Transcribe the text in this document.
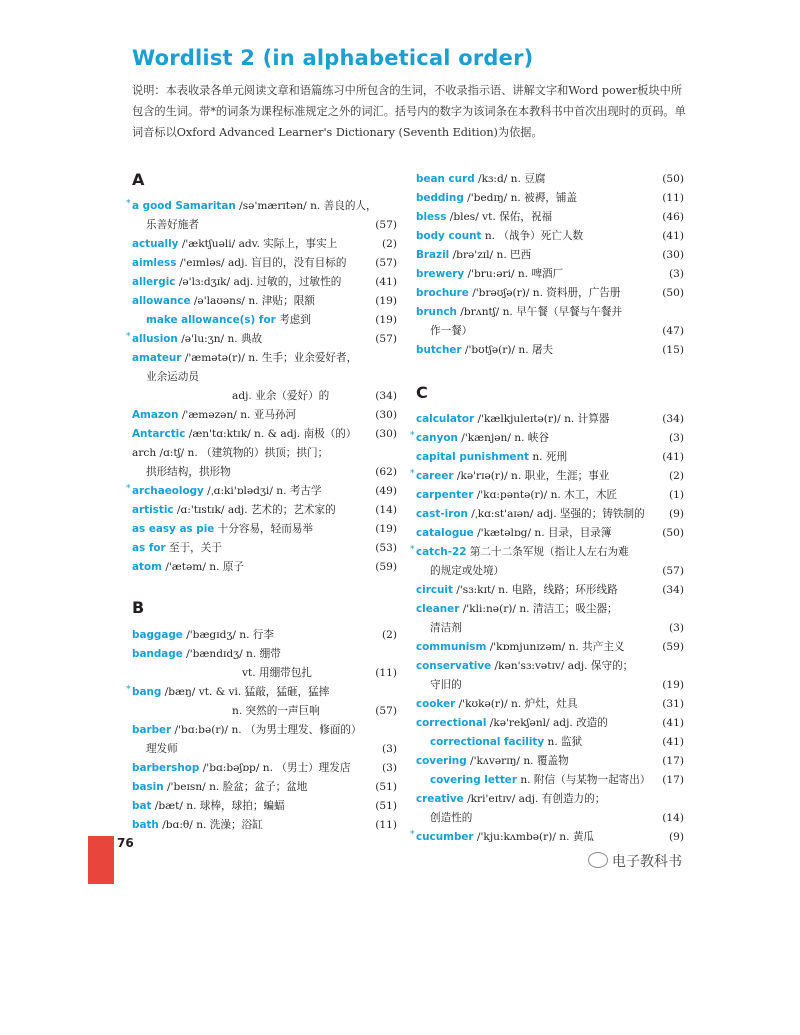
Wordlist 2 (in alphabetical order)
说明：本表收录各单元阅读文章和语篇练习中所包含的生词，不收录指示语、讲解文字和Word power板块中所包含的生词。带*的词条为课程标准规定之外的词汇。括号内的数字为该词条在本教科书中首次出现时的页码。单词音标以Oxford Advanced Learner's Dictionary (Seventh Edition)为依据。
A
B
* a good Samaritan /sə'mærɪtən/ n. 善良的人，
乐善好施者	(57)
actually /'æktʃuəli/ adv. 实际上，事实上	(2)
aimless /'eɪmləs/ adj. 盲目的，没有目标的	(57)
allergic /ə'lɜ:dʒɪk/ adj. 过敏的，过敏性的	(41)
allowance /ə'laʊəns/ n. 津贴；限额	(19)
make allowance(s) for 考虑到	(19)
* allusion /ə'lu:ʒn/ n. 典故	(57)
amateur /'æmətə(r)/ n. 生手；业余爱好者，
业余运动员
adj. 业余（爱好）的	(34)
Amazon /'æməzən/ n. 亚马孙河	(30)
Antarctic /æn'tɑ:ktɪk/ n. & adj. 南极（的） (30)
arch /ɑ:tʃ/ n. （建筑物的）拱顶；拱门；
拱形结构，拱形物	(62)
* archaeology /ˌɑ:ki'ɒlədʒi/ n. 考古学	(49)
artistic /ɑ:'tɪstɪk/ adj. 艺术的；艺术家的	(14)
as easy as pie 十分容易，轻而易举	(19)
as for 至于，关于	(53)
atom /'ætəm/ n. 原子	(59)
baggage /'bægɪdʒ/ n. 行李	(2)
bandage /'bændɪdʒ/ n. 绷带
vt. 用绷带包扎	(11)
* bang /bæŋ/ vt. & vi. 猛敲，猛砸，猛摔
n. 突然的一声巨响	(57)
barber /'bɑ:bə(r)/ n. （为男士理发、修面的）
理发师	(3)
barbershop /'bɑ:bəʃɒp/ n. （男士）理发店	(3)
basin /'beɪsn/ n. 脸盆；盆子；盆地	(51)
bat /bæt/ n. 球棒，球拍；蝙蝠	(51)
bath /bɑ:θ/ n. 洗澡；浴缸	(11)
C
bean curd /kɜ:d/ n. 豆腐	(50)
bedding /'bedɪŋ/ n. 被褥，铺盖	(11)
bless /bles/ vt. 保佑，祝福	(46)
body count n. （战争）死亡人数	(41)
Brazil /brə'zɪl/ n. 巴西	(30)
brewery /'bru:əri/ n. 啤酒厂	(3)
brochure /'brəʊʃə(r)/ n. 资料册，广告册	(50)
brunch /brʌntʃ/ n. 早午餐（早餐与午餐并
作一餐）	(47)
butcher /'bʊtʃə(r)/ n. 屠夫	(15)
calculator /'kælkjuleɪtə(r)/ n. 计算器	(34)
* canyon /'kænjən/ n. 峡谷	(3)
capital punishment n. 死刑	(41)
* career /kə'rɪə(r)/ n. 职业，生涯；事业	(2)
carpenter /'kɑ:pəntə(r)/ n. 木工，木匠	(1)
cast-iron /ˌkɑ:st'aɪən/ adj. 坚强的；铸铁制的 (9)
catalogue /'kætəlɒg/ n. 目录，目录簿	(50)
* catch-22 第二十二条军规（指让人左右为难
的规定或处境）	(57)
circuit /'sɜ:kɪt/ n. 电路，线路；环形线路	(34)
cleaner /'kli:nə(r)/ n. 清洁工；吸尘器；
清洁剂	(3)
communism /'kɒmjunɪzəm/ n. 共产主义	(59)
conservative /kən'sɜ:vətɪv/ adj. 保守的；
守旧的	(19)
cooker /'kʊkə(r)/ n. 炉灶，灶具	(31)
correctional /kə'rekʃənl/ adj. 改造的	(41)
correctional facility n. 监狱	(41)
covering /'kʌvərɪŋ/ n. 覆盖物	(17)
covering letter n. 附信（与某物一起寄出） (17)
creative /kri'eɪtɪv/ adj. 有创造力的；
创造性的	(14)
* cucumber /'kju:kʌmbə(r)/ n. 黄瓜	(9)
76
电子教科书
